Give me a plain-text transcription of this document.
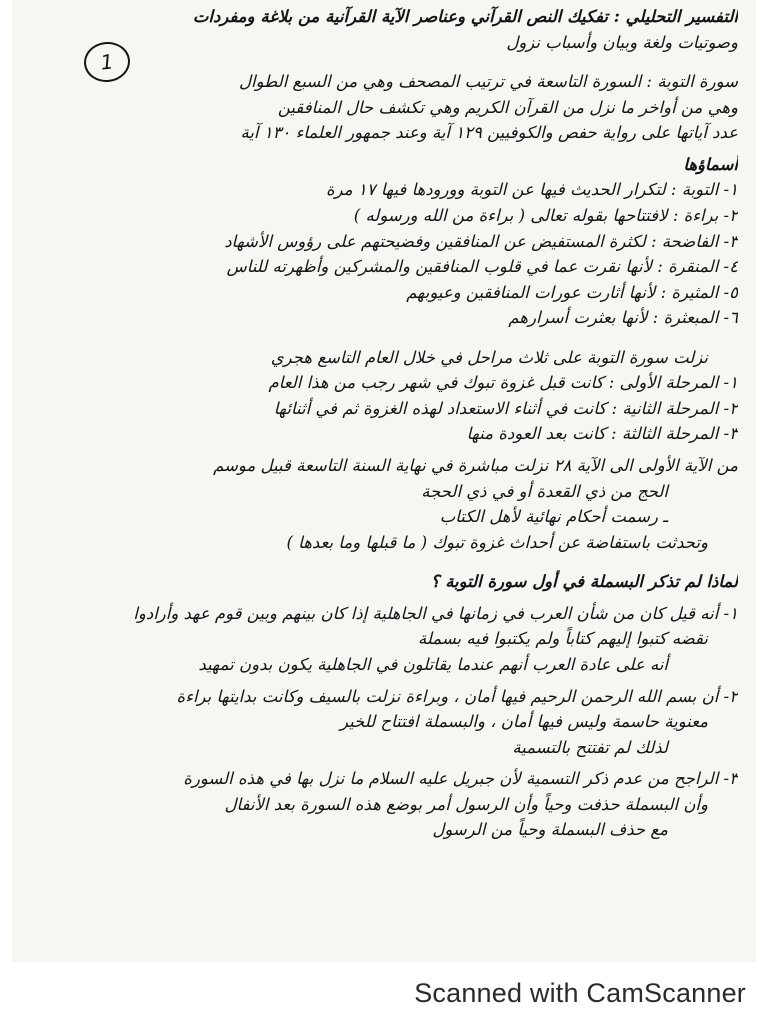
1
التفسير التحليلي : تفكيك النص القرآني وعناصر الآية القرآنية من بلاغة ومفردات
وصوتيات ولغة وبيان وأسباب نزول
سورة التوبة : السورة التاسعة في ترتيب المصحف وهي من السبع الطوال
وهي من أواخر ما نزل من القرآن الكريم وهي تكشف حال المنافقين
عدد آياتها على رواية حفص والكوفيين ١٢٩ آية وعند جمهور العلماء ١٣٠ آية
أسماؤها
١- التوبة : لتكرار الحديث فيها عن التوبة وورودها فيها ١٧ مرة
٢- براءة : لافتتاحها بقوله تعالى ( براءة من الله ورسوله )
٣- الفاضحة : لكثرة المستفيض عن المنافقين وفضيحتهم على رؤوس الأشهاد
٤- المنقرة : لأنها نقرت عما في قلوب المنافقين والمشركين وأظهرته للناس
٥- المثيرة : لأنها أثارت عورات المنافقين وعيوبهم
٦- المبعثرة : لأنها بعثرت أسرارهم
نزلت سورة التوبة على ثلاث مراحل في خلال العام التاسع هجري
١- المرحلة الأولى : كانت قبل غزوة تبوك في شهر رجب من هذا العام
٢- المرحلة الثانية : كانت في أثناء الاستعداد لهذه الغزوة ثم في أثنائها
٣- المرحلة الثالثة : كانت بعد العودة منها
من الآية الأولى الى الآية ٢٨ نزلت مباشرة في نهاية السنة التاسعة قبيل موسم
الحج من ذي القعدة أو في ذي الحجة
ـ رسمت أحكام نهائية لأهل الكتاب
وتحدثت باستفاضة عن أحداث غزوة تبوك ( ما قبلها وما بعدها )
لماذا لم تذكر البسملة في أول سورة التوبة ؟
١- أنه قيل كان من شأن العرب في زمانها في الجاهلية إذا كان بينهم وبين قوم عهد وأرادوا
نقضه كتبوا إليهم كتاباً ولم يكتبوا فيه بسملة
أنه على عادة العرب أنهم عندما يقاتلون في الجاهلية يكون بدون تمهيد
٢- أن بسم الله الرحمن الرحيم فيها أمان ، وبراءة نزلت بالسيف وكانت بدايتها براءة
معنوية حاسمة وليس فيها أمان ، والبسملة افتتاح للخير
لذلك لم تفتتح بالتسمية
٣- الراجح من عدم ذكر التسمية لأن جبريل عليه السلام ما نزل بها في هذه السورة
وأن البسملة حذفت وحياً وأن الرسول أمر بوضع هذه السورة بعد الأنفال
مع حذف البسملة وحياً من الرسول
Scanned with CamScanner
